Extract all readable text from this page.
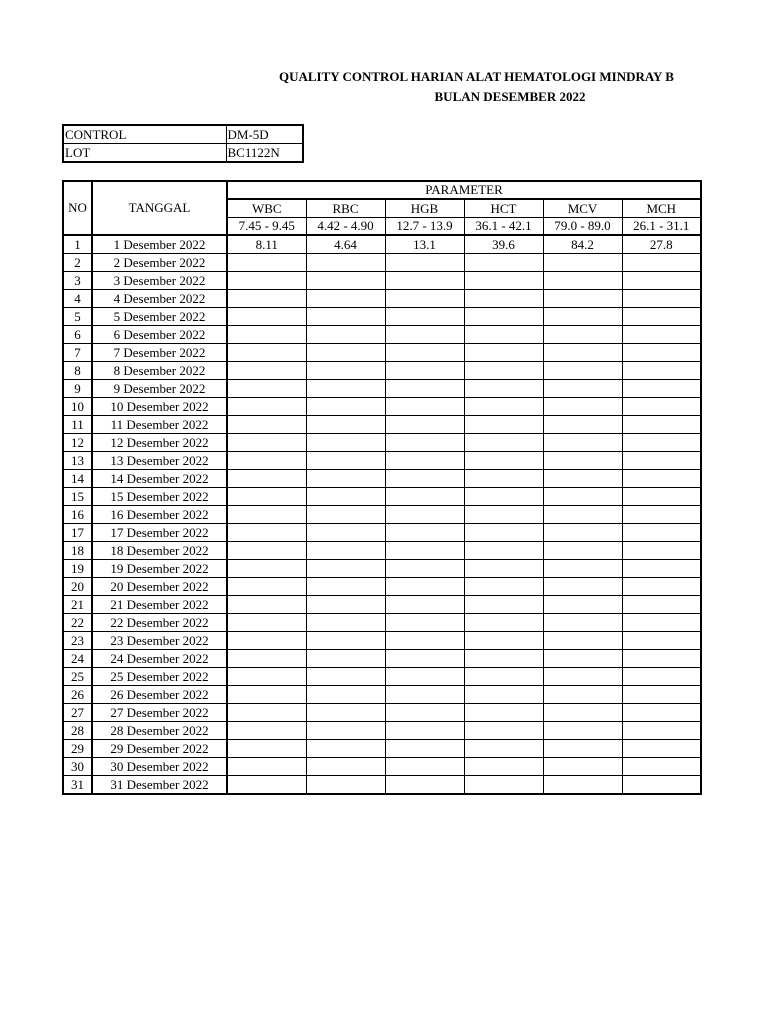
QUALITY CONTROL HARIAN ALAT HEMATOLOGI MINDRAY B
BULAN DESEMBER 2022
CONTROL	DM-5D
LOT	BC1122N
NO	TANGGAL	PARAMETER					
		WBC	RBC	HGB	HCT	MCV	MCH
		7.45 - 9.45	4.42 - 4.90	12.7 - 13.9	36.1 - 42.1	79.0 - 89.0	26.1 - 31.1
1	1 Desember 2022	8.11	4.64	13.1	39.6	84.2	27.8
2	2 Desember 2022						
3	3 Desember 2022						
4	4 Desember 2022						
5	5 Desember 2022						
6	6 Desember 2022						
7	7 Desember 2022						
8	8 Desember 2022						
9	9 Desember 2022						
10	10 Desember 2022						
11	11 Desember 2022						
12	12 Desember 2022						
13	13 Desember 2022						
14	14 Desember 2022						
15	15 Desember 2022						
16	16 Desember 2022						
17	17 Desember 2022						
18	18 Desember 2022						
19	19 Desember 2022						
20	20 Desember 2022						
21	21 Desember 2022						
22	22 Desember 2022						
23	23 Desember 2022						
24	24 Desember 2022						
25	25 Desember 2022						
26	26 Desember 2022						
27	27 Desember 2022						
28	28 Desember 2022						
29	29 Desember 2022						
30	30 Desember 2022						
31	31 Desember 2022						
